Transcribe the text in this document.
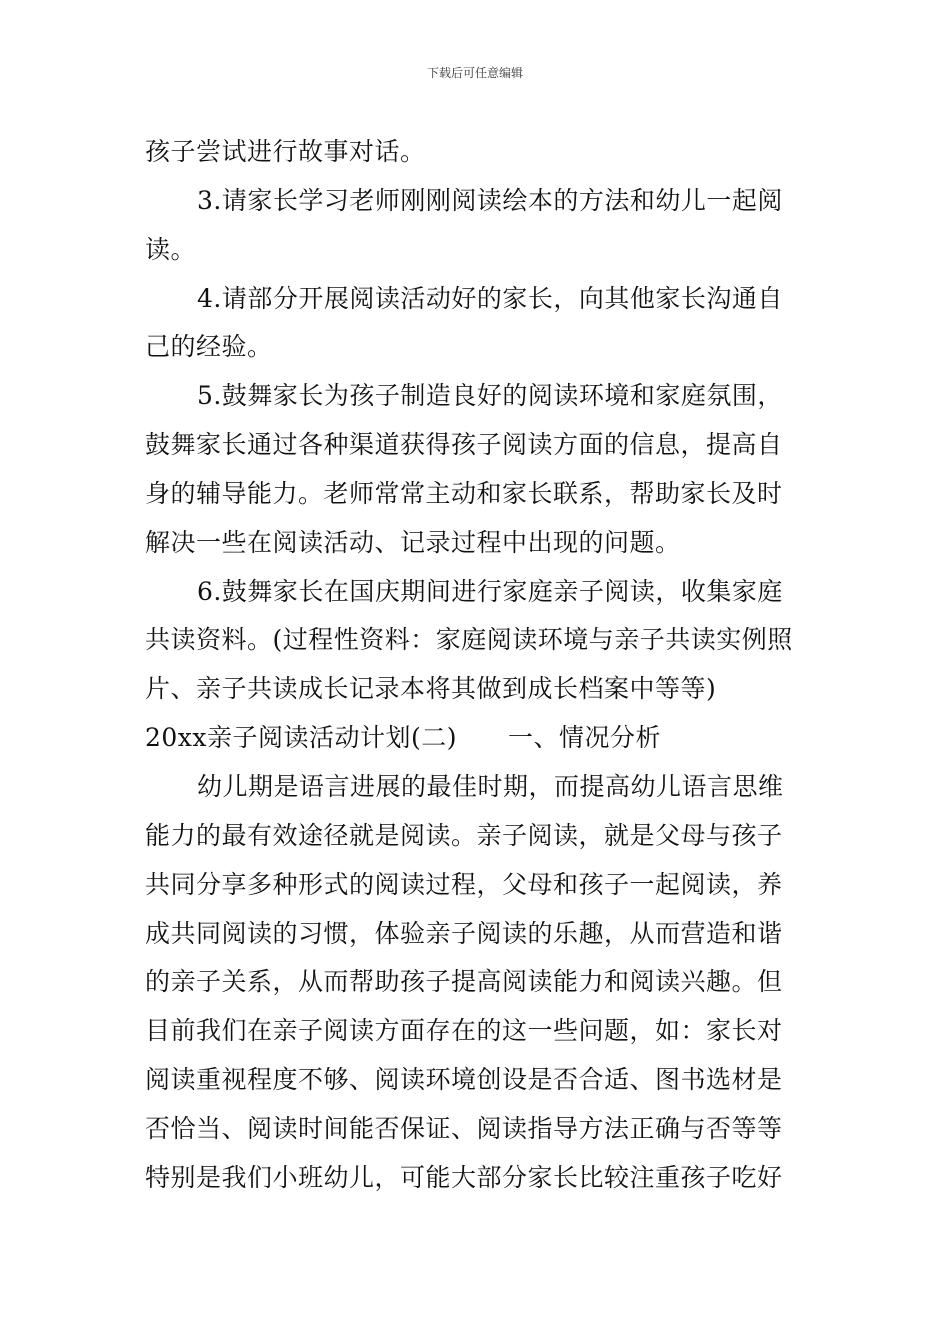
下载后可任意编辑
孩子尝试进行故事对话。
3.请家长学习老师刚刚阅读绘本的方法和幼儿一起阅
读。
4.请部分开展阅读活动好的家长，向其他家长沟通自
己的经验。
5.鼓舞家长为孩子制造良好的阅读环境和家庭氛围，
鼓舞家长通过各种渠道获得孩子阅读方面的信息，提高自
身的辅导能力。老师常常主动和家长联系，帮助家长及时
解决一些在阅读活动、记录过程中出现的问题。
6.鼓舞家长在国庆期间进行家庭亲子阅读，收集家庭
共读资料。(过程性资料：家庭阅读环境与亲子共读实例照
片、亲子共读成长记录本将其做到成长档案中等等)
20xx亲子阅读活动计划(二)　　一、情况分析
幼儿期是语言进展的最佳时期，而提高幼儿语言思维
能力的最有效途径就是阅读。亲子阅读，就是父母与孩子
共同分享多种形式的阅读过程，父母和孩子一起阅读，养
成共同阅读的习惯，体验亲子阅读的乐趣，从而营造和谐
的亲子关系，从而帮助孩子提高阅读能力和阅读兴趣。但
目前我们在亲子阅读方面存在的这一些问题，如：家长对
阅读重视程度不够、阅读环境创设是否合适、图书选材是
否恰当、阅读时间能否保证、阅读指导方法正确与否等等
特别是我们小班幼儿，可能大部分家长比较注重孩子吃好
